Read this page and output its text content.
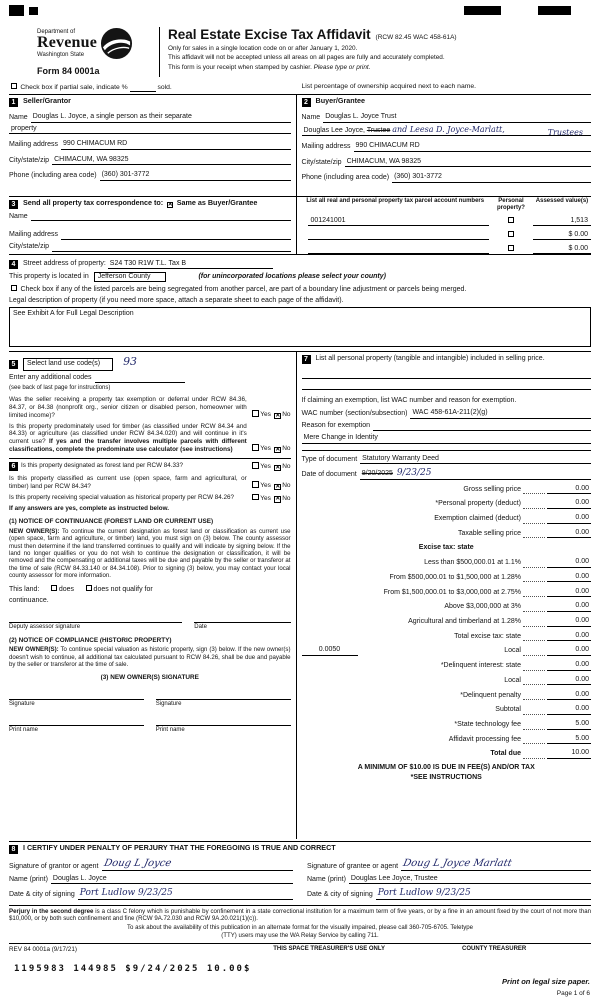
Department of
Revenue
Washington State
Form 84 0001a
Real Estate Excise Tax Affidavit (RCW 82.45 WAC 458-61A)
Only for sales in a single location code on or after January 1, 2020.
This affidavit will not be accepted unless all areas on all pages are fully and accurately completed.
This form is your receipt when stamped by cashier. Please type or print.
Check box if partial sale, indicate %	sold.	List percentage of ownership acquired next to each name.
1 Seller/Grantor
Name Douglas L. Joyce, a single person as their separate
property
Mailing address 990 CHIMACUM RD
City/state/zip CHIMACUM, WA 98325
Phone (including area code) (360) 301-3772
2 Buyer/Grantee
Name Douglas L. Joyce Trust
Douglas Lee Joyce, Trustee and Leesa D. Joyce-Marlatt,	Trustees
Mailing address 990 CHIMACUM RD
City/state/zip CHIMACUM, WA 98325
Phone (including area code) (360) 301-3772
3 Send all property tax correspondence to: ✕ Same as Buyer/Grantee
Name
Mailing address
City/state/zip
List all real and personal property tax parcel account numbers	Personal property?
Assessed value(s)
001241001	1,513
$ 0.00
$ 0.00
4 Street address of property: S24 T30 R1W T.L. Tax B
This property is located in Jefferson County	(for unincorporated locations please select your county)
Check box if any of the listed parcels are being segregated from another parcel, are part of a boundary line adjustment or parcels being merged.
Legal description of property (if you need more space, attach a separate sheet to each page of the affidavit).
See Exhibit A for Full Legal Description
5 Select land use code(s) 93
Enter any additional codes
(see back of last page for instructions)
Was the seller receiving a property tax exemption or deferral under RCW 84.36, 84.37, or 84.38 (nonprofit org., senior citizen or disabled person, homeowner with limited income)?	Yes ✕ No
Is this property predominately used for timber (as classified under RCW 84.34 and 84.33) or agriculture (as classified under RCW 84.34.020) and will continue in it's current use? If yes and the transfer involves multiple parcels with different classifications, complete the predominate use calculator (see instructions)	Yes ✕ No
6 Is this property designated as forest land per RCW 84.33?	Yes ✕ No
Is this property classified as current use (open space, farm and agricultural, or timber) land per RCW 84.34?	Yes ✕ No
Is this property receiving special valuation as historical property per RCW 84.26?	Yes ✕ No
If any answers are yes, complete as instructed below.
(1) NOTICE OF CONTINUANCE (FOREST LAND OR CURRENT USE)
NEW OWNER(S): To continue the current designation as forest land or classification as current use (open space, farm and agriculture, or timber) land, you must sign on (3) below. The county assessor must then determine if the land transferred continues to qualify and will indicate by signing below. If the land no longer qualifies or you do not wish to continue the designation or classification, it will be removed and the compensating or additional taxes will be due and payable by the seller or transferor at the time of sale (RCW 84.33.140 or 84.34.108). Prior to signing (3) below, you may contact your local county assessor for more information.
This land:	does	does not qualify for
continuance.
Deputy assessor signature	Date
(2) NOTICE OF COMPLIANCE (HISTORIC PROPERTY)
NEW OWNER(S): To continue special valuation as historic property, sign (3) below. If the new owner(s) doesn't wish to continue, all additional tax calculated pursuant to RCW 84.26, shall be due and payable by the seller or transferor at the time of sale.
(3) NEW OWNER(S) SIGNATURE
Signature	Signature
Print name	Print name
7 List all personal property (tangible and intangible) included in selling price.
If claiming an exemption, list WAC number and reason for exemption.
WAC number (section/subsection) WAC 458-61A-211(2)(g)
Reason for exemption
Mere Change in Identity
Type of document Statutory Warranty Deed
Date of document 9/20/2025 9/23/25
Gross selling price	0.00
*Personal property (deduct)	0.00
Exemption claimed (deduct)	0.00
Taxable selling price	0.00
Excise tax: state
Less than $500,000.01 at 1.1%	0.00
From $500,000.01 to $1,500,000 at 1.28%	0.00
From $1,500,000.01 to $3,000,000 at 2.75%	0.00
Above $3,000,000 at 3%	0.00
Agricultural and timberland at 1.28%	0.00
Total excise tax: state	0.00
0.0050	Local	0.00
*Delinquent interest: state	0.00
Local	0.00
*Delinquent penalty	0.00
Subtotal	0.00
*State technology fee	5.00
Affidavit processing fee	5.00
Total due	10.00
A MINIMUM OF $10.00 IS DUE IN FEE(S) AND/OR TAX
*SEE INSTRUCTIONS
8 I CERTIFY UNDER PENALTY OF PERJURY THAT THE FOREGOING IS TRUE AND CORRECT
Signature of grantor or agent Doug L Joyce
Name (print) Douglas L. Joyce
Date & city of signing Port Ludlow 9/23/25
Signature of grantee or agent Doug L Joyce Marlatt
Name (print) Douglas Lee Joyce, Trustee
Date & city of signing Port Ludlow 9/23/25
Perjury in the second degree is a class C felony which is punishable by confinement in a state correctional institution for a maximum term of five years, or by a fine in an amount fixed by the court of not more than $10,000, or by both such confinement and fine (RCW 9A.72.030 and RCW 9A.20.021(1)(c)).
To ask about the availability of this publication in an alternate format for the visually impaired, please call 360-705-6705. Teletype
(TTY) users may use the WA Relay Service by calling 711.
REV 84 0001a (9/17/21)	THIS SPACE TREASURER'S USE ONLY	COUNTY TREASURER
1195983 144985 $9/24/2025 10.00$
Print on legal size paper.
Page 1 of 6
